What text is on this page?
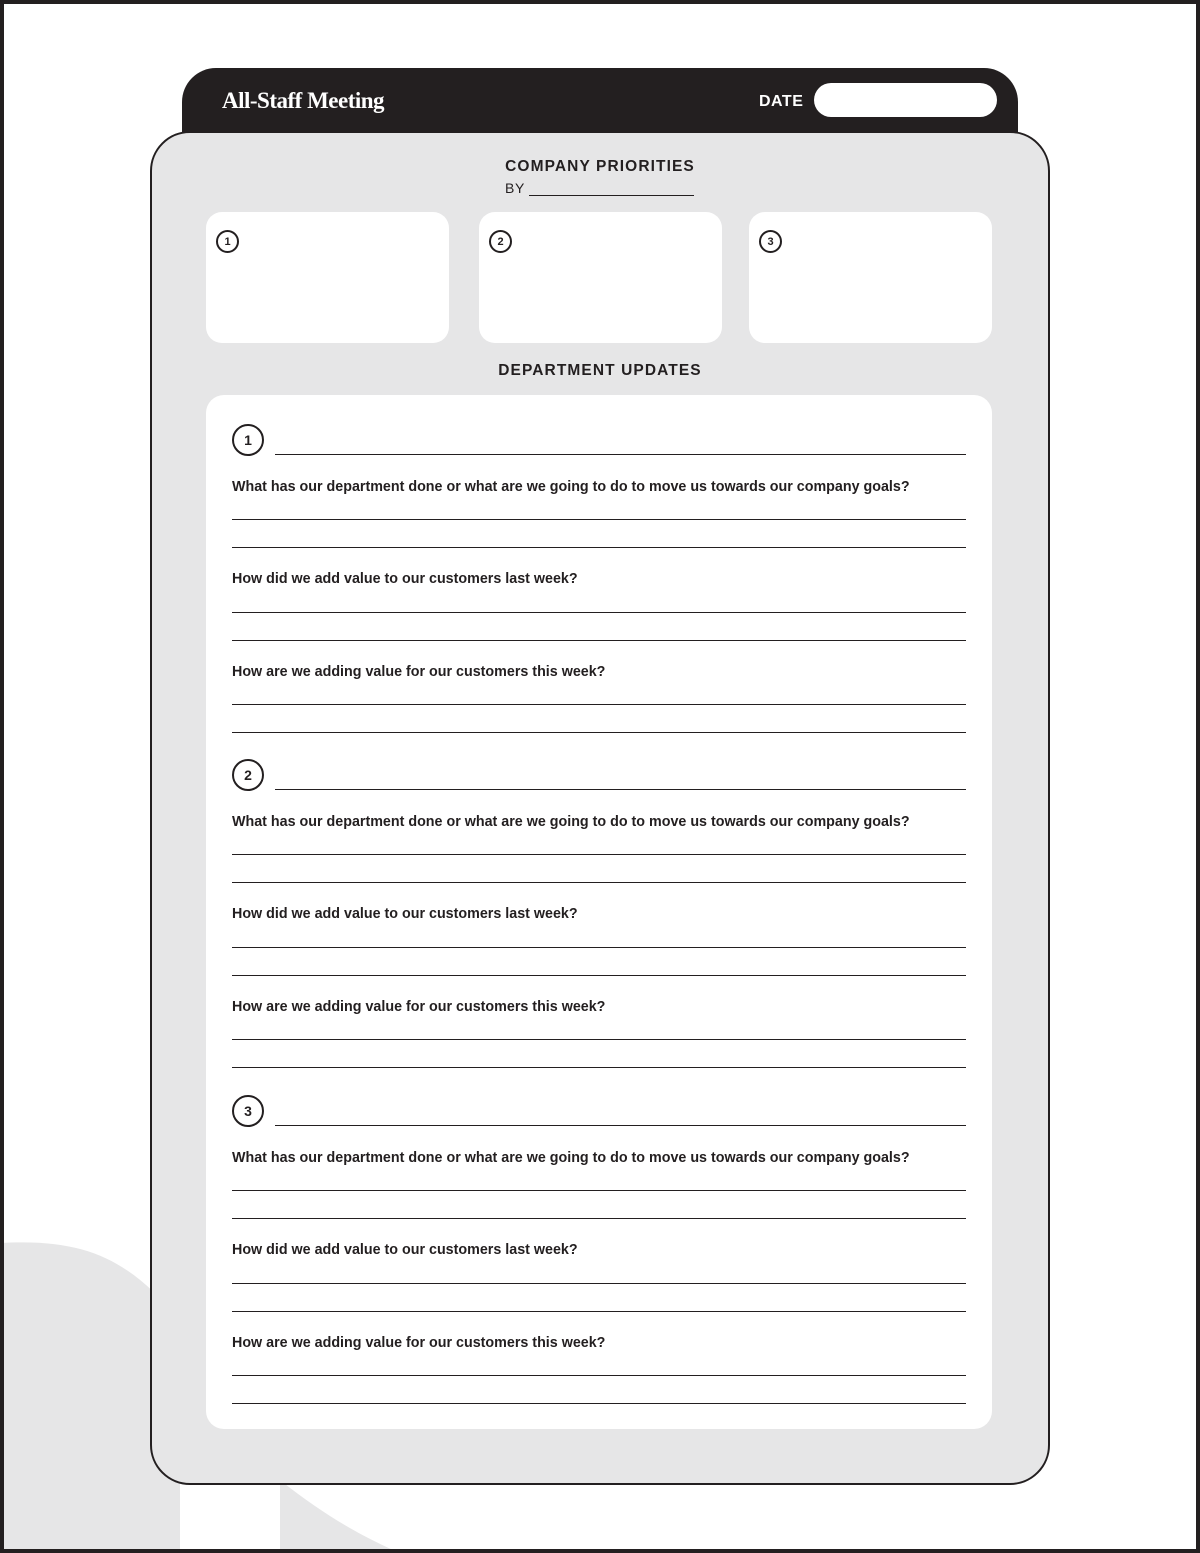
All-Staff Meeting	DATE
COMPANY PRIORITIES
DEPARTMENT UPDATES
BY
1	2	3
1
What has our department done or what are we going to do to move us towards our company goals?
How did we add value to our customers last week?
How are we adding value for our customers this week?
2
What has our department done or what are we going to do to move us towards our company goals?
How did we add value to our customers last week?
How are we adding value for our customers this week?
3
What has our department done or what are we going to do to move us towards our company goals?
How did we add value to our customers last week?
How are we adding value for our customers this week?
